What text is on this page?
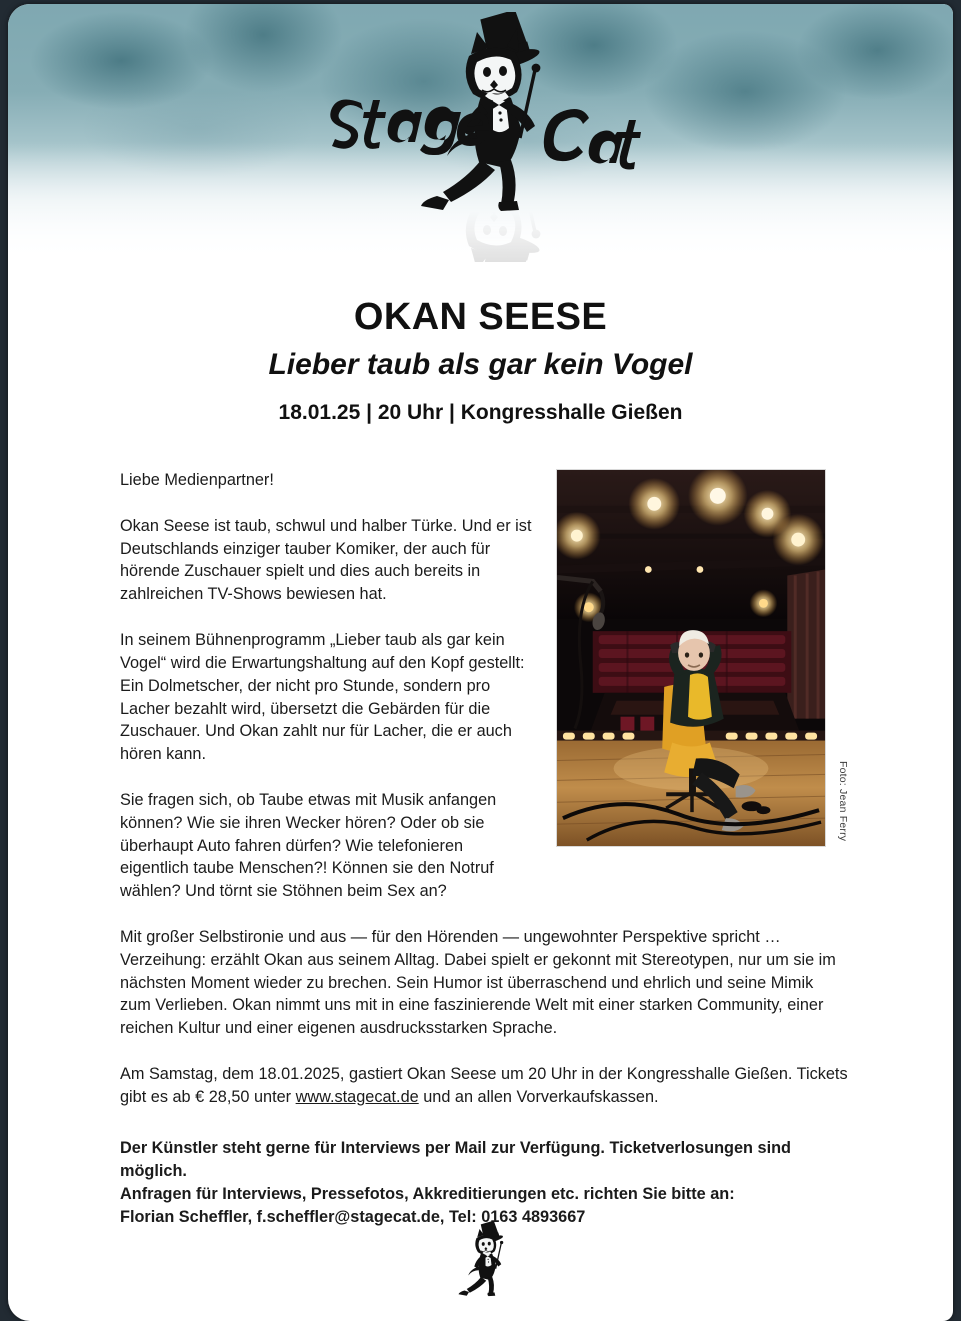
OKAN SEESE
Lieber taub als gar kein Vogel
18.01.25 | 20 Uhr | Kongresshalle Gießen
Foto: Jean Ferry
Liebe Medienpartner!

Okan Seese ist taub, schwul und halber Türke. Und er ist Deutschlands einziger tauber Komiker, der auch für hörende Zuschauer spielt und dies auch bereits in zahlreichen TV-Shows bewiesen hat.

In seinem Bühnenprogramm „Lieber taub als gar kein Vogel“ wird die Erwartungshaltung auf den Kopf gestellt: Ein Dolmetscher, der nicht pro Stunde, sondern pro Lacher bezahlt wird, übersetzt die Gebärden für die Zuschauer. Und Okan zahlt nur für Lacher, die er auch hören kann.

Sie fragen sich, ob Taube etwas mit Musik anfangen können? Wie sie ihren Wecker hören? Oder ob sie überhaupt Auto fahren dürfen? Wie telefonieren eigentlich taube Menschen?! Können sie den Notruf wählen? Und törnt sie Stöhnen beim Sex an?

Mit großer Selbstironie und aus — für den Hörenden — ungewohnter Perspektive spricht … Verzeihung: erzählt Okan aus seinem Alltag. Dabei spielt er gekonnt mit Stereotypen, nur um sie im nächsten Moment wieder zu brechen. Sein Humor ist überraschend und ehrlich und seine Mimik zum Verlieben. Okan nimmt uns mit in eine faszinierende Welt mit einer starken Community, einer reichen Kultur und einer eigenen ausdrucksstarken Sprache.

Am Samstag, dem 18.01.2025, gastiert Okan Seese um 20 Uhr in der Kongresshalle Gießen. Tickets gibt es ab € 28,50 unter www.stagecat.de und an allen Vorverkaufskassen.

Der Künstler steht gerne für Interviews per Mail zur Verfügung. Ticketverlosungen sind möglich.
Anfragen für Interviews, Pressefotos, Akkreditierungen etc. richten Sie bitte an:
Florian Scheffler, f.scheffler@stagecat.de, Tel: 0163 4893667
